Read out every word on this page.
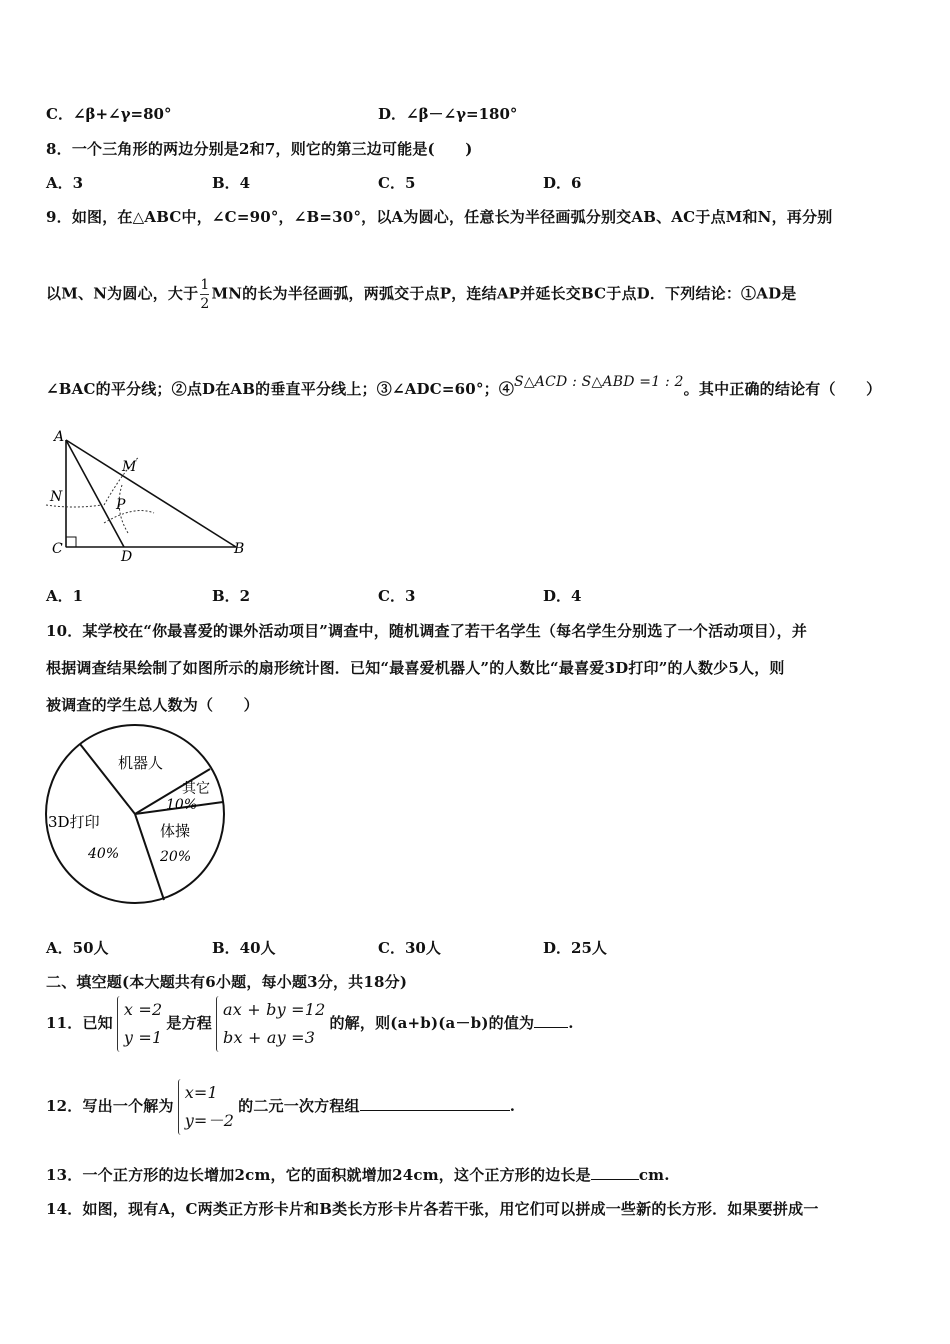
C．∠β+∠γ=80°	D．∠β－∠γ=180°
8．一个三角形的两边分别是2和7，则它的第三边可能是(　　)
A．3	B．4	C．5	D．6
9．如图，在△ABC中，∠C=90°，∠B=30°，以A为圆心，任意长为半径画弧分别交AB、AC于点M和N，再分别
以M、N为圆心，大于 $\frac{1}{2}$ MN的长为半径画弧，两弧交于点P，连结AP并延长交BC于点D．下列结论：①AD是
∠BAC的平分线；②点D在AB的垂直平分线上；③∠ADC=60°；④S△ACD : S△ABD =1 : 2。其中正确的结论有（　　）
A
M
N	P
C	D	B
A．1	B．2	C．3	D．4
10．某学校在“你最喜爱的课外活动项目”调查中，随机调查了若干名学生（每名学生分别选了一个活动项目），并
根据调查结果绘制了如图所示的扇形统计图．已知“最喜爱机器人”的人数比“最喜爱3D打印”的人数少5人，则
被调查的学生总人数为（　　）
机器人
其它
10%
3D打印
40%
体操
20%
A．50人	B．40人	C．30人	D．25人
二、填空题(本大题共有6小题，每小题3分，共18分)
11．已知
x =2
y =1
是方程
ax + by =12
bx + ay =3
的解，则(a+b)(a－b)的值为 .
12．写出一个解为
x=1
y=－2
的二元一次方程组	.
13．一个正方形的边长增加2cm，它的面积就增加24cm，这个正方形的边长是	cm.
14．如图，现有A，C两类正方形卡片和B类长方形卡片各若干张，用它们可以拼成一些新的长方形．如果要拼成一
